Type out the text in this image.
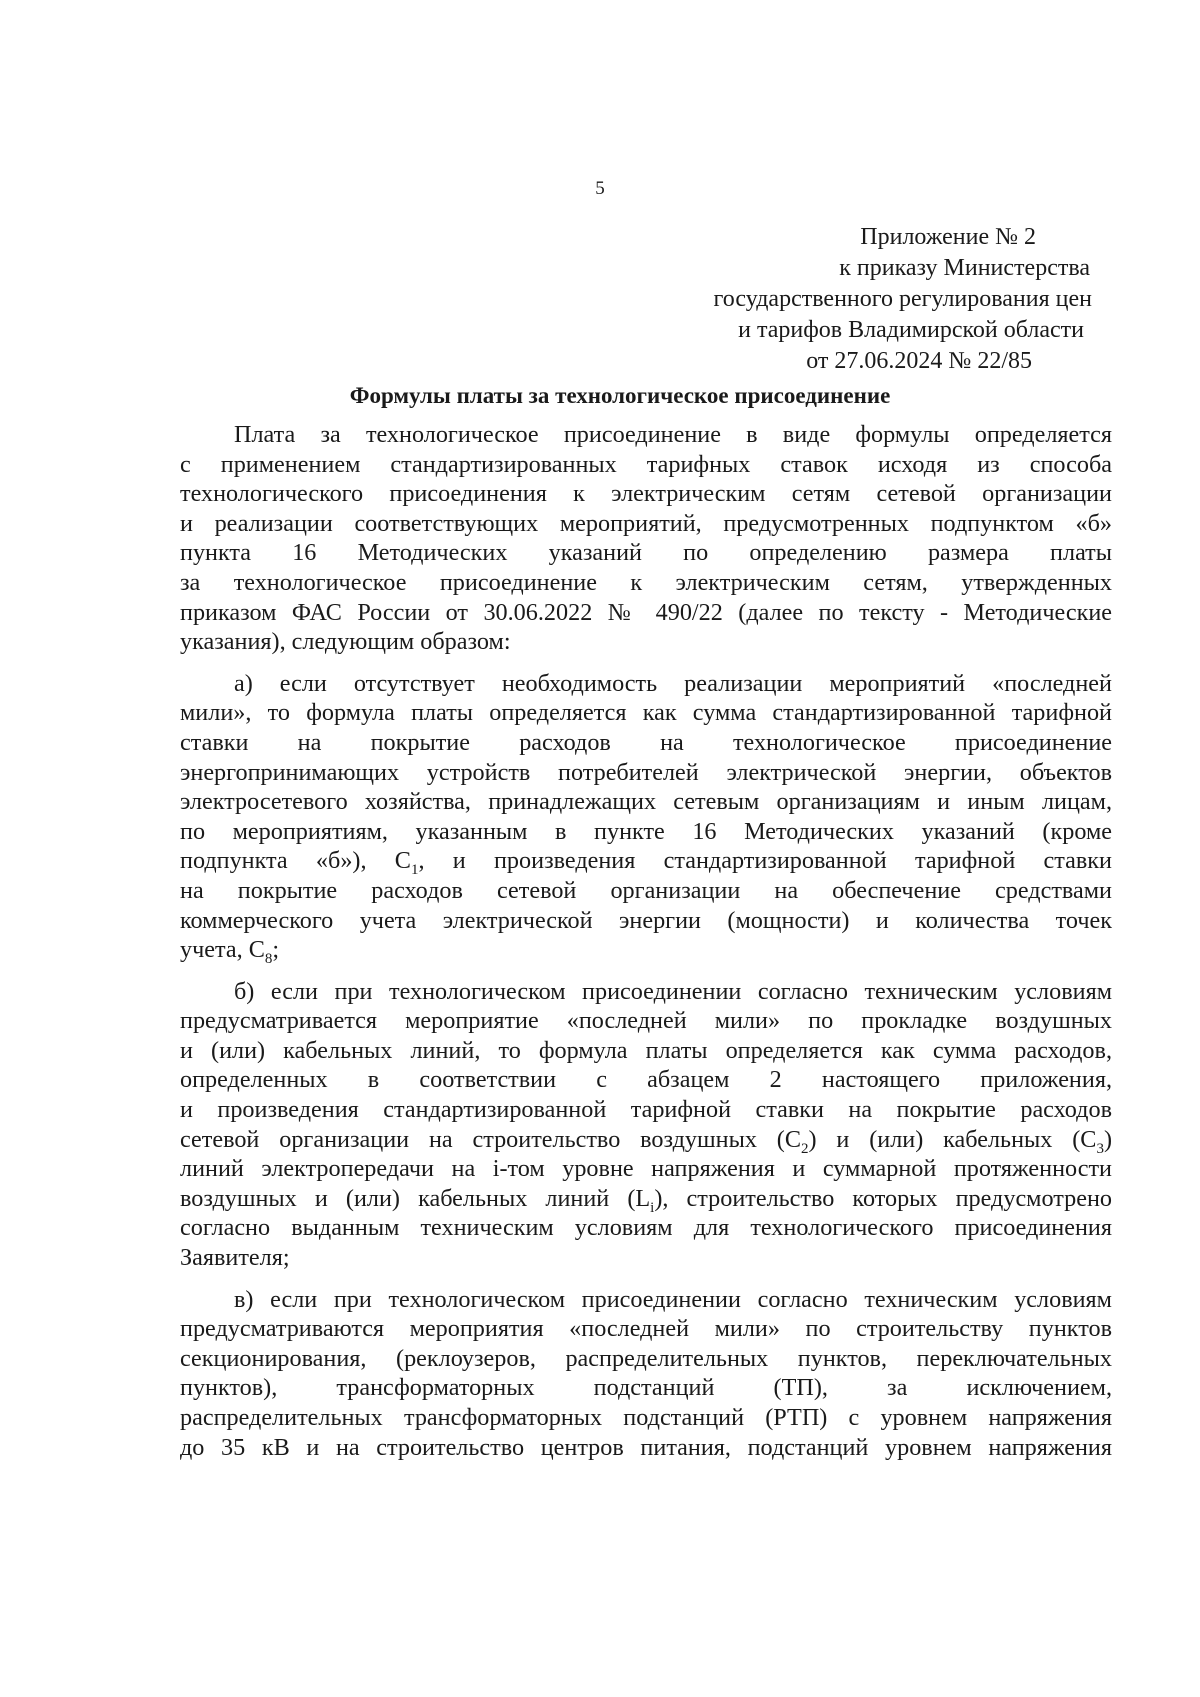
5
Приложение № 2
к приказу Министерства
государственного регулирования цен
и тарифов Владимирской области
от 27.06.2024 № 22/85
Формулы платы за технологическое присоединение
Плата за технологическое присоединение в виде формулы определяется
с применением стандартизированных тарифных ставок исходя из способа
технологического присоединения к электрическим сетям сетевой организации
и реализации соответствующих мероприятий, предусмотренных подпунктом «б»
пункта 16 Методических указаний по определению размера платы
за технологическое присоединение к электрическим сетям, утвержденных
приказом ФАС России от 30.06.2022 № 490/22 (далее по тексту - Методические
указания), следующим образом:
а) если отсутствует необходимость реализации мероприятий «последней
мили», то формула платы определяется как сумма стандартизированной тарифной
ставки на покрытие расходов на технологическое присоединение
энергопринимающих устройств потребителей электрической энергии, объектов
электросетевого хозяйства, принадлежащих сетевым организациям и иным лицам,
по мероприятиям, указанным в пункте 16 Методических указаний (кроме
подпункта «б»), $C_1$, и произведения стандартизированной тарифной ставки
на покрытие расходов сетевой организации на обеспечение средствами
коммерческого учета электрической энергии (мощности) и количества точек
учета, $C_8$;
б) если при технологическом присоединении согласно техническим условиям
предусматривается мероприятие «последней мили» по прокладке воздушных
и (или) кабельных линий, то формула платы определяется как сумма расходов,
определенных в соответствии с абзацем 2 настоящего приложения,
и произведения стандартизированной тарифной ставки на покрытие расходов
сетевой организации на строительство воздушных $(C_2)$ и (или) кабельных $(C_3)$
линий электропередачи на i-том уровне напряжения и суммарной протяженности
воздушных и (или) кабельных линий $(L_i)$, строительство которых предусмотрено
согласно выданным техническим условиям для технологического присоединения
Заявителя;
в) если при технологическом присоединении согласно техническим условиям
предусматриваются мероприятия «последней мили» по строительству пунктов
секционирования, (реклоузеров, распределительных пунктов, переключательных
пунктов), трансформаторных подстанций (ТП), за исключением,
распределительных трансформаторных подстанций (РТП) с уровнем напряжения
до 35 кВ и на строительство центров питания, подстанций уровнем напряжения
